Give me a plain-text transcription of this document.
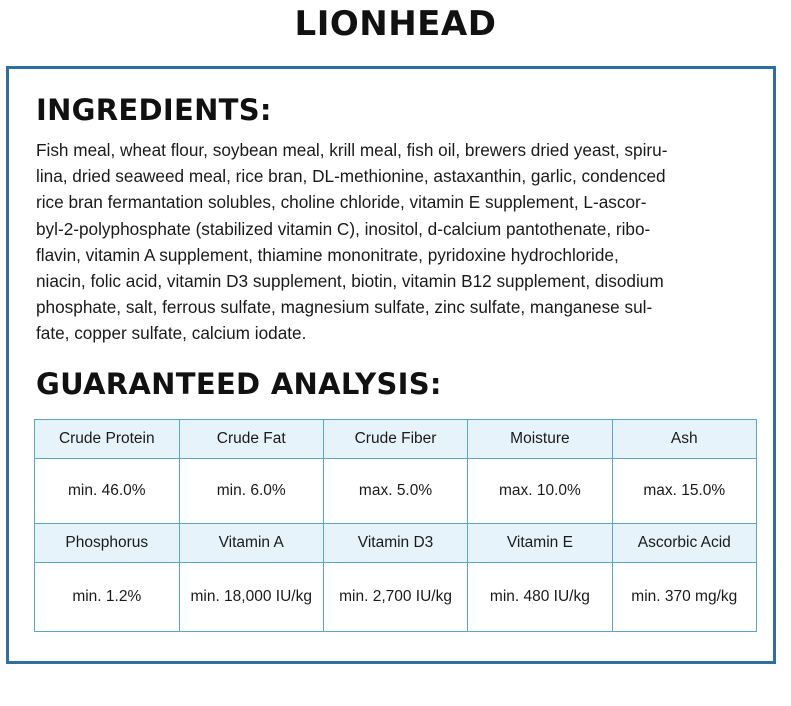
LIONHEAD
INGREDIENTS:
Fish meal, wheat flour, soybean meal, krill meal, fish oil, brewers dried yeast, spiru-
lina, dried seaweed meal, rice bran, DL-methionine, astaxanthin, garlic, condenced
rice bran fermantation solubles, choline chloride, vitamin E supplement, L-ascor-
byl-2-polyphosphate (stabilized vitamin C), inositol, d-calcium pantothenate, ribo-
flavin, vitamin A supplement, thiamine mononitrate, pyridoxine hydrochloride,
niacin, folic acid, vitamin D3 supplement, biotin, vitamin B12 supplement, disodium
phosphate, salt, ferrous sulfate, magnesium sulfate, zinc sulfate, manganese sul-
fate, copper sulfate, calcium iodate.
GUARANTEED ANALYSIS:
Crude Protein	Crude Fat	Crude Fiber	Moisture	Ash
min. 46.0%	min. 6.0%	max. 5.0%	max. 10.0%	max. 15.0%
Phosphorus	Vitamin A	Vitamin D3	Vitamin E	Ascorbic Acid
min. 1.2%	min. 18,000 IU/kg	min. 2,700 IU/kg	min. 480 IU/kg	min. 370 mg/kg
